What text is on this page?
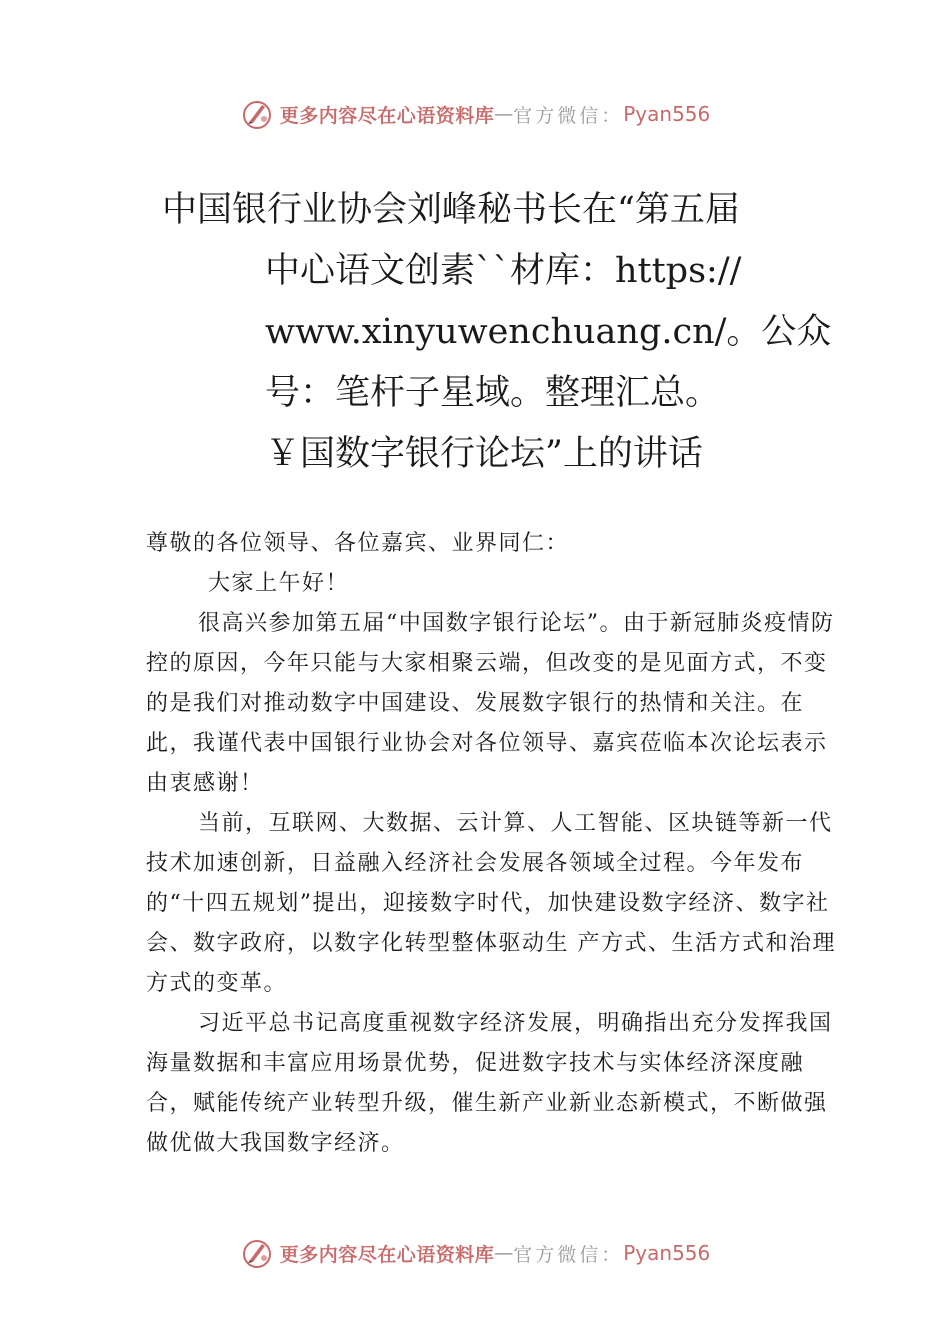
更多内容尽在心语资料库 — 官方微信： Pyan556
中国银行业协会刘峰秘书长在“第五届
中心语文创素``材库：https://
www.xinyuwenchuang.cn/。公众
号：笔杆子星域。整理汇总。
￥国数字银行论坛”上的讲话

尊敬的各位领导、各位嘉宾、业界同仁：

大家上午好！

很高兴参加第五届“中国数字银行论坛”。由于新冠肺炎疫情防控的原因，今年只能与大家相聚云端，但改变的是见面方式，不变的是我们对推动数字中国建设、发展数字银行的热情和关注。在此，我谨代表中国银行业协会对各位领导、嘉宾莅临本次论坛表示由衷感谢！

当前，互联网、大数据、云计算、人工智能、区块链等新一代技术加速创新，日益融入经济社会发展各领域全过程。今年发布的“十四五规划”提出，迎接数字时代，加快建设数字经济、数字社会、数字政府，以数字化转型整体驱动生 产方式、生活方式和治理方式的变革。

习近平总书记高度重视数字经济发展，明确指出充分发挥我国海量数据和丰富应用场景优势，促进数字技术与实体经济深度融合，赋能传统产业转型升级，催生新产业新业态新模式，不断做强做优做大我国数字经济。

更多内容尽在心语资料库 — 官方微信： Pyan556
